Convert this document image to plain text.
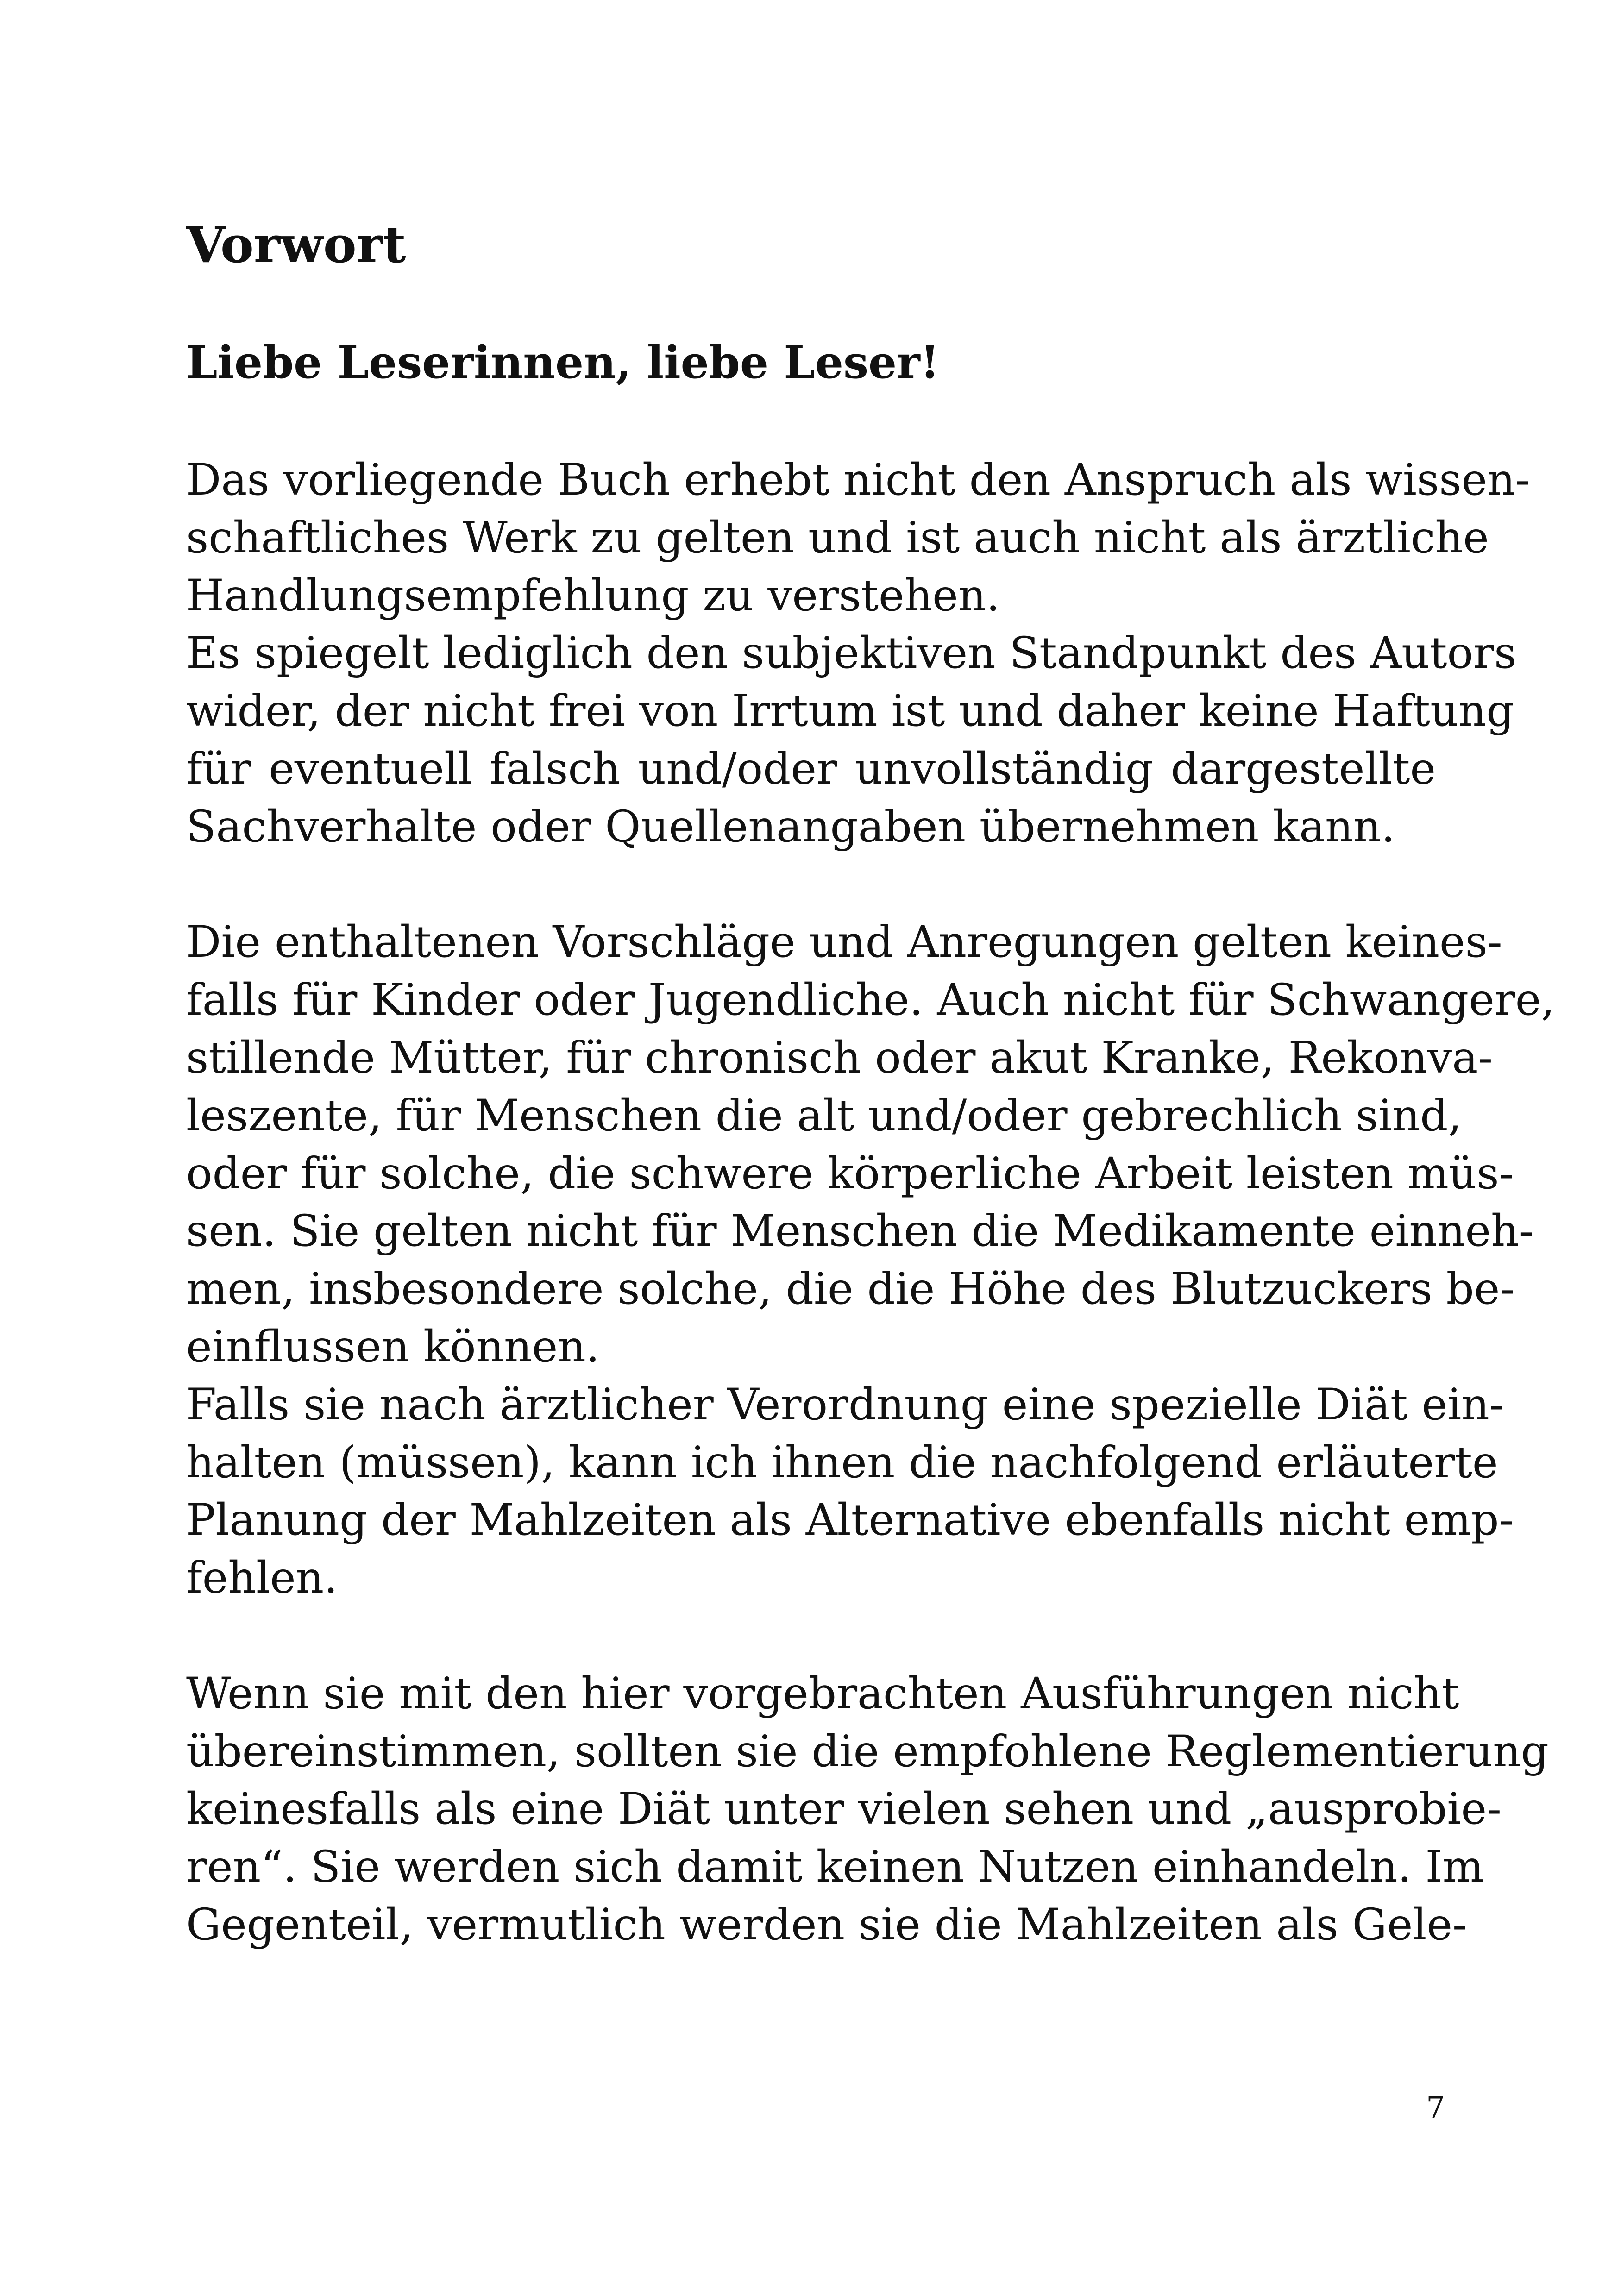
Vorwort
Liebe Leserinnen, liebe Leser!
Das vorliegende Buch erhebt nicht den Anspruch als wissen-
schaftliches Werk zu gelten und ist auch nicht als ärztliche
Handlungsempfehlung zu verstehen.
Es spiegelt lediglich den subjektiven Standpunkt des Autors
wider, der nicht frei von Irrtum ist und daher keine Haftung
für eventuell falsch und/oder unvollständig dargestellte
Sachverhalte oder Quellenangaben übernehmen kann.
Die enthaltenen Vorschläge und Anregungen gelten keines-
falls für Kinder oder Jugendliche. Auch nicht für Schwangere,
stillende Mütter, für chronisch oder akut Kranke, Rekonva-
leszente, für Menschen die alt und/oder gebrechlich sind,
oder für solche, die schwere körperliche Arbeit leisten müs-
sen. Sie gelten nicht für Menschen die Medikamente einneh-
men, insbesondere solche, die die Höhe des Blutzuckers be-
einflussen können.
Falls sie nach ärztlicher Verordnung eine spezielle Diät ein-
halten (müssen), kann ich ihnen die nachfolgend erläuterte
Planung der Mahlzeiten als Alternative ebenfalls nicht emp-
fehlen.
Wenn sie mit den hier vorgebrachten Ausführungen nicht
übereinstimmen, sollten sie die empfohlene Reglementierung
keinesfalls als eine Diät unter vielen sehen und „ausprobie-
ren“. Sie werden sich damit keinen Nutzen einhandeln. Im
Gegenteil, vermutlich werden sie die Mahlzeiten als Gele-
7
